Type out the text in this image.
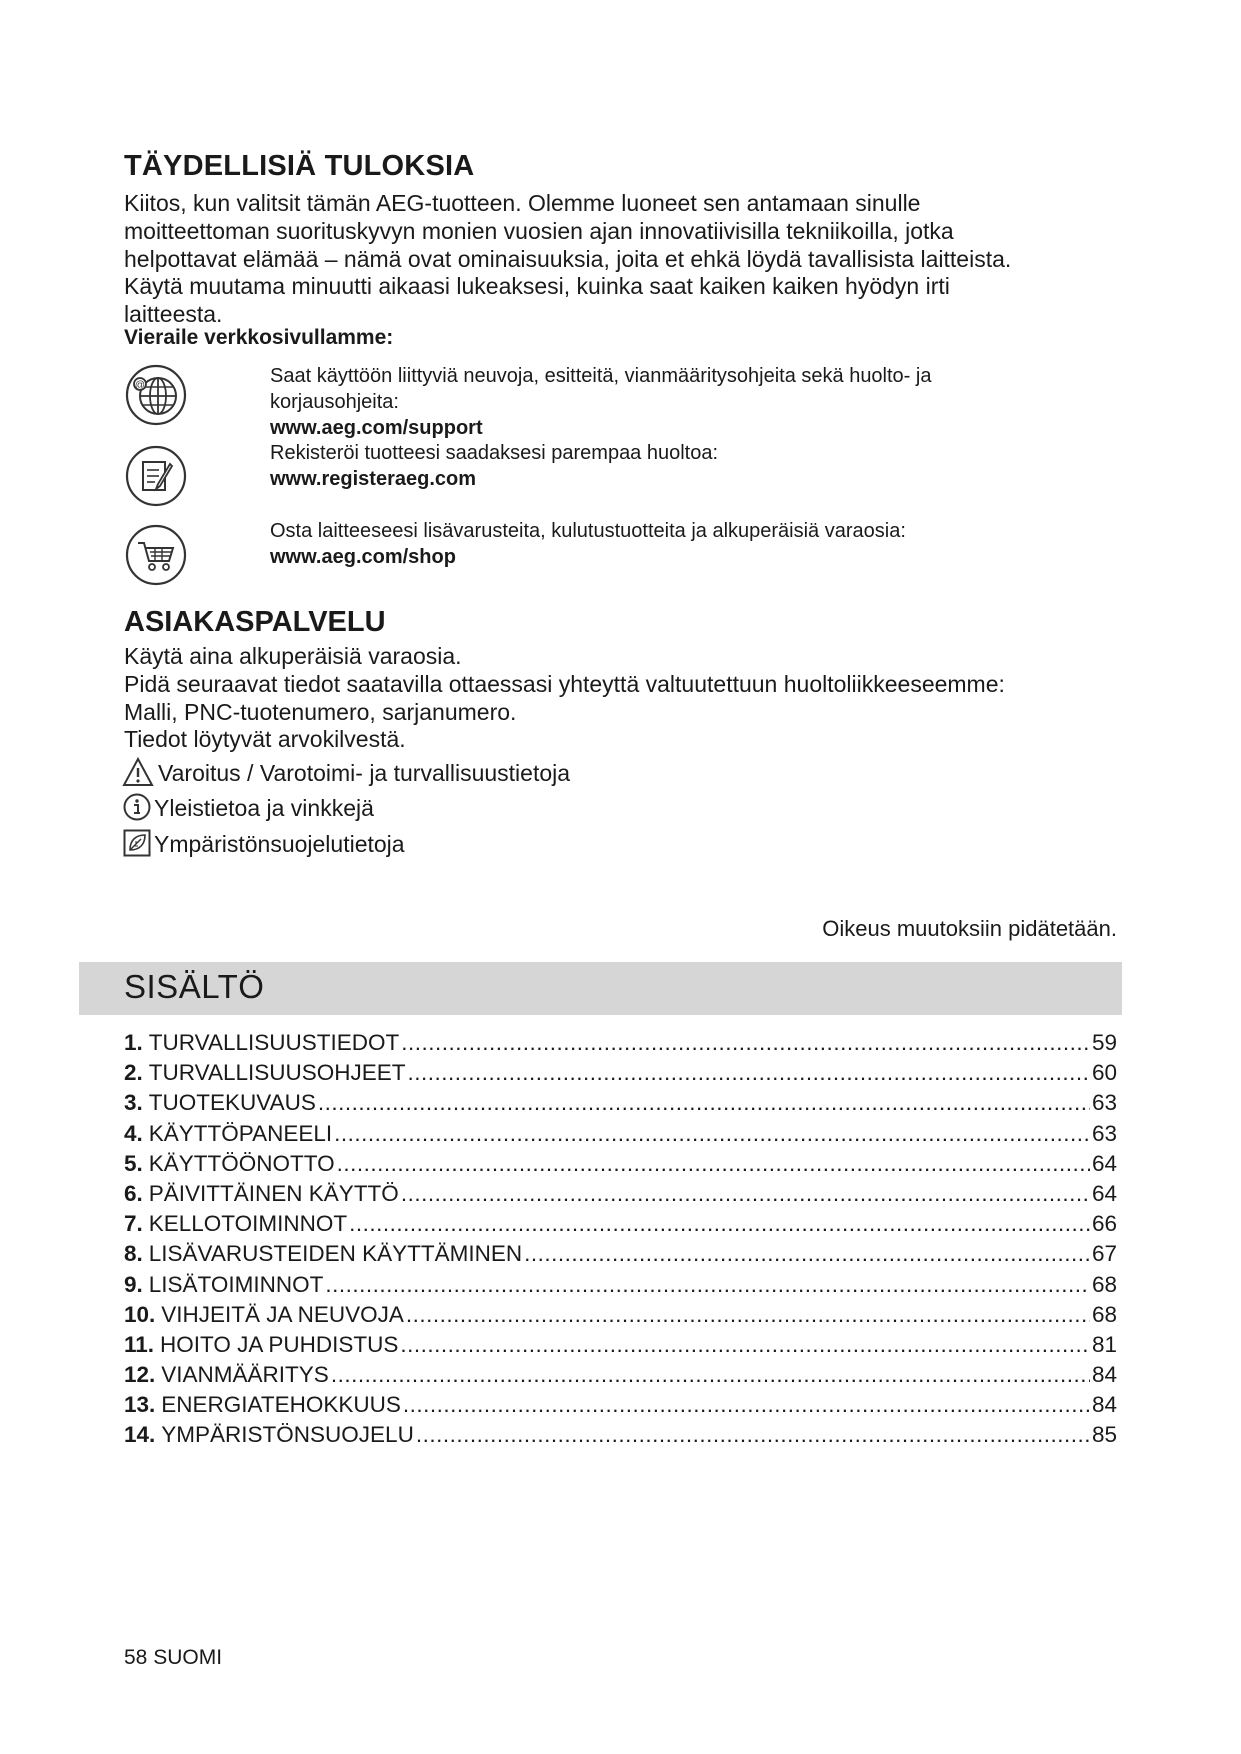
TÄYDELLISIÄ TULOKSIA

Kiitos, kun valitsit tämän AEG-tuotteen. Olemme luoneet sen antamaan sinulle

moitteettoman suorituskyvyn monien vuosien ajan innovatiivisilla tekniikoilla, jotka

helpottavat elämää – nämä ovat ominaisuuksia, joita et ehkä löydä tavallisista laitteista.

Käytä muutama minuutti aikaasi lukeaksesi, kuinka saat kaiken kaiken hyödyn irti

laitteesta.

Vieraile verkkosivullamme:
@	Saat käyttöön liittyviä neuvoja, esitteitä, vianmääritysohjeita sekä huolto- ja
korjausohjeita:
www.aeg.com/support
Rekisteröi tuotteesi saadaksesi parempaa huoltoa:
www.registeraeg.com
Osta laitteeseesi lisävarusteita, kulutustuotteita ja alkuperäisiä varaosia:
www.aeg.com/shop
ASIAKASPALVELU

Käytä aina alkuperäisiä varaosia.

Pidä seuraavat tiedot saatavilla ottaessasi yhteyttä valtuutettuun huoltoliikkeeseemme:

Malli, PNC-tuotenumero, sarjanumero.

Tiedot löytyvät arvokilvestä.

Varoitus / Varotoimi- ja turvallisuustietoja
Yleistietoa ja vinkkejä
Ympäristönsuojelutietoja
Oikeus muutoksiin pidätetään.
SISÄLTÖ
1. TURVALLISUUSTIEDOT .....	59
2. TURVALLISUUSOHJEET .....	60
3. TUOTEKUVAUS .....	63
4. KÄYTTÖPANEELI .....	63
5. KÄYTTÖÖNOTTO .....	64
6. PÄIVITTÄINEN KÄYTTÖ .....	64
7. KELLOTOIMINNOT .....	66
8. LISÄVARUSTEIDEN KÄYTTÄMINEN .....	67
9. LISÄTOIMINNOT .....	68
10. VIHJEITÄ JA NEUVOJA .....	68
11. HOITO JA PUHDISTUS .....	81
12. VIANMÄÄRITYS .....	84
13. ENERGIATEHOKKUUS .....	84
14. YMPÄRISTÖNSUOJELU .....	85
58 SUOMI
